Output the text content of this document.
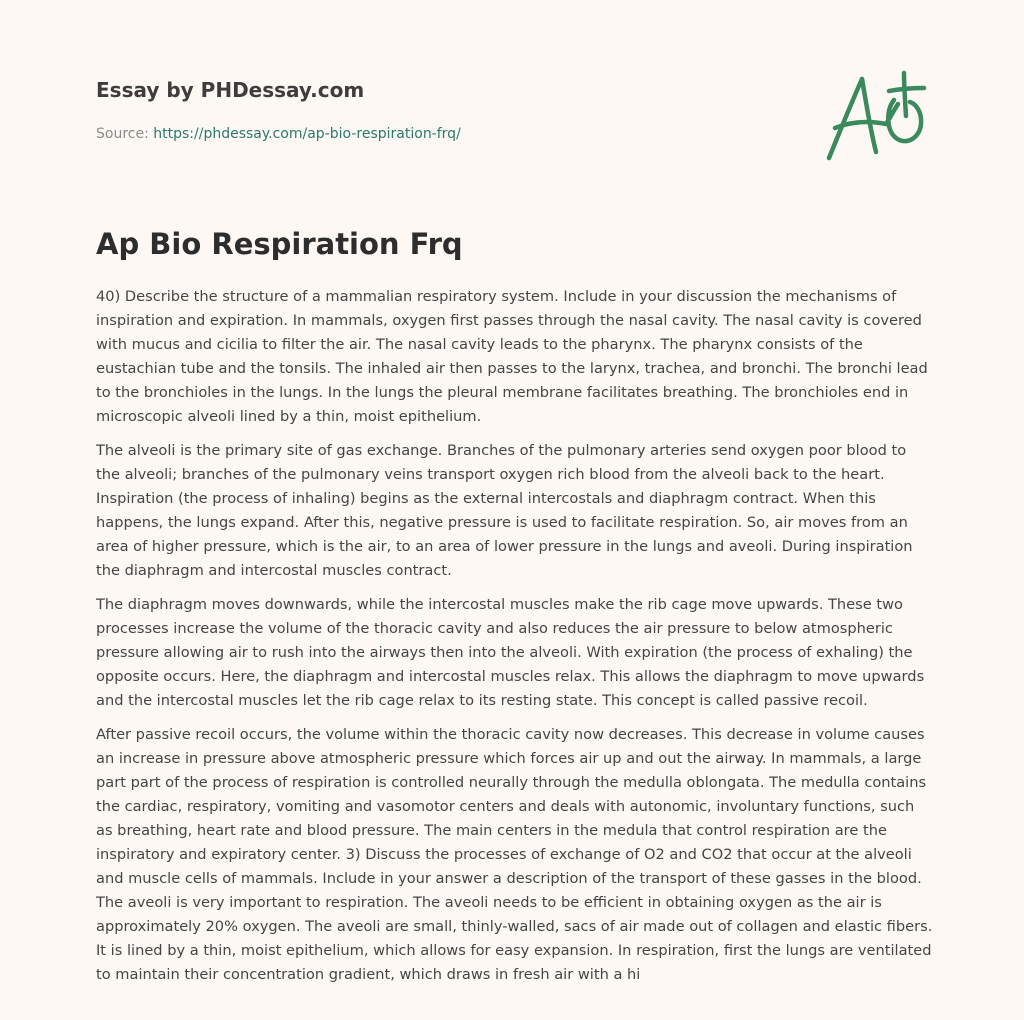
Essay by PHDessay.com
Source: https://phdessay.com/ap-bio-respiration-frq/
Ap Bio Respiration Frq

40) Describe the structure of a mammalian respiratory system. Include in your discussion the mechanisms of inspiration and expiration. In mammals, oxygen first passes through the nasal cavity. The nasal cavity is covered with mucus and cicilia to filter the air. The nasal cavity leads to the pharynx. The pharynx consists of the eustachian tube and the tonsils. The inhaled air then passes to the larynx, trachea, and bronchi. The bronchi lead to the bronchioles in the lungs. In the lungs the pleural membrane facilitates breathing. The bronchioles end in microscopic alveoli lined by a thin, moist epithelium.

The alveoli is the primary site of gas exchange. Branches of the pulmonary arteries send oxygen poor blood to the alveoli; branches of the pulmonary veins transport oxygen rich blood from the alveoli back to the heart. Inspiration (the process of inhaling) begins as the external intercostals and diaphragm contract. When this happens, the lungs expand. After this, negative pressure is used to facilitate respiration. So, air moves from an area of higher pressure, which is the air, to an area of lower pressure in the lungs and aveoli. During inspiration the diaphragm and intercostal muscles contract.

The diaphragm moves downwards, while the intercostal muscles make the rib cage move upwards. These two processes increase the volume of the thoracic cavity and also reduces the air pressure to below atmospheric pressure allowing air to rush into the airways then into the alveoli. With expiration (the process of exhaling) the opposite occurs. Here, the diaphragm and intercostal muscles relax. This allows the diaphragm to move upwards and the intercostal muscles let the rib cage relax to its resting state. This concept is called passive recoil.

After passive recoil occurs, the volume within the thoracic cavity now decreases. This decrease in volume causes an increase in pressure above atmospheric pressure which forces air up and out the airway. In mammals, a large part part of the process of respiration is controlled neurally through the medulla oblongata. The medulla contains the cardiac, respiratory, vomiting and vasomotor centers and deals with autonomic, involuntary functions, such as breathing, heart rate and blood pressure. The main centers in the medula that control respiration are the inspiratory and expiratory center. 3) Discuss the processes of exchange of O2 and CO2 that occur at the alveoli and muscle cells of mammals. Include in your answer a description of the transport of these gasses in the blood. The aveoli is very important to respiration. The aveoli needs to be efficient in obtaining oxygen as the air is approximately 20% oxygen. The aveoli are small, thinly-walled, sacs of air made out of collagen and elastic fibers. It is lined by a thin, moist epithelium, which allows for easy expansion. In respiration, first the lungs are ventilated to maintain their concentration gradient, which draws in fresh air with a hi
